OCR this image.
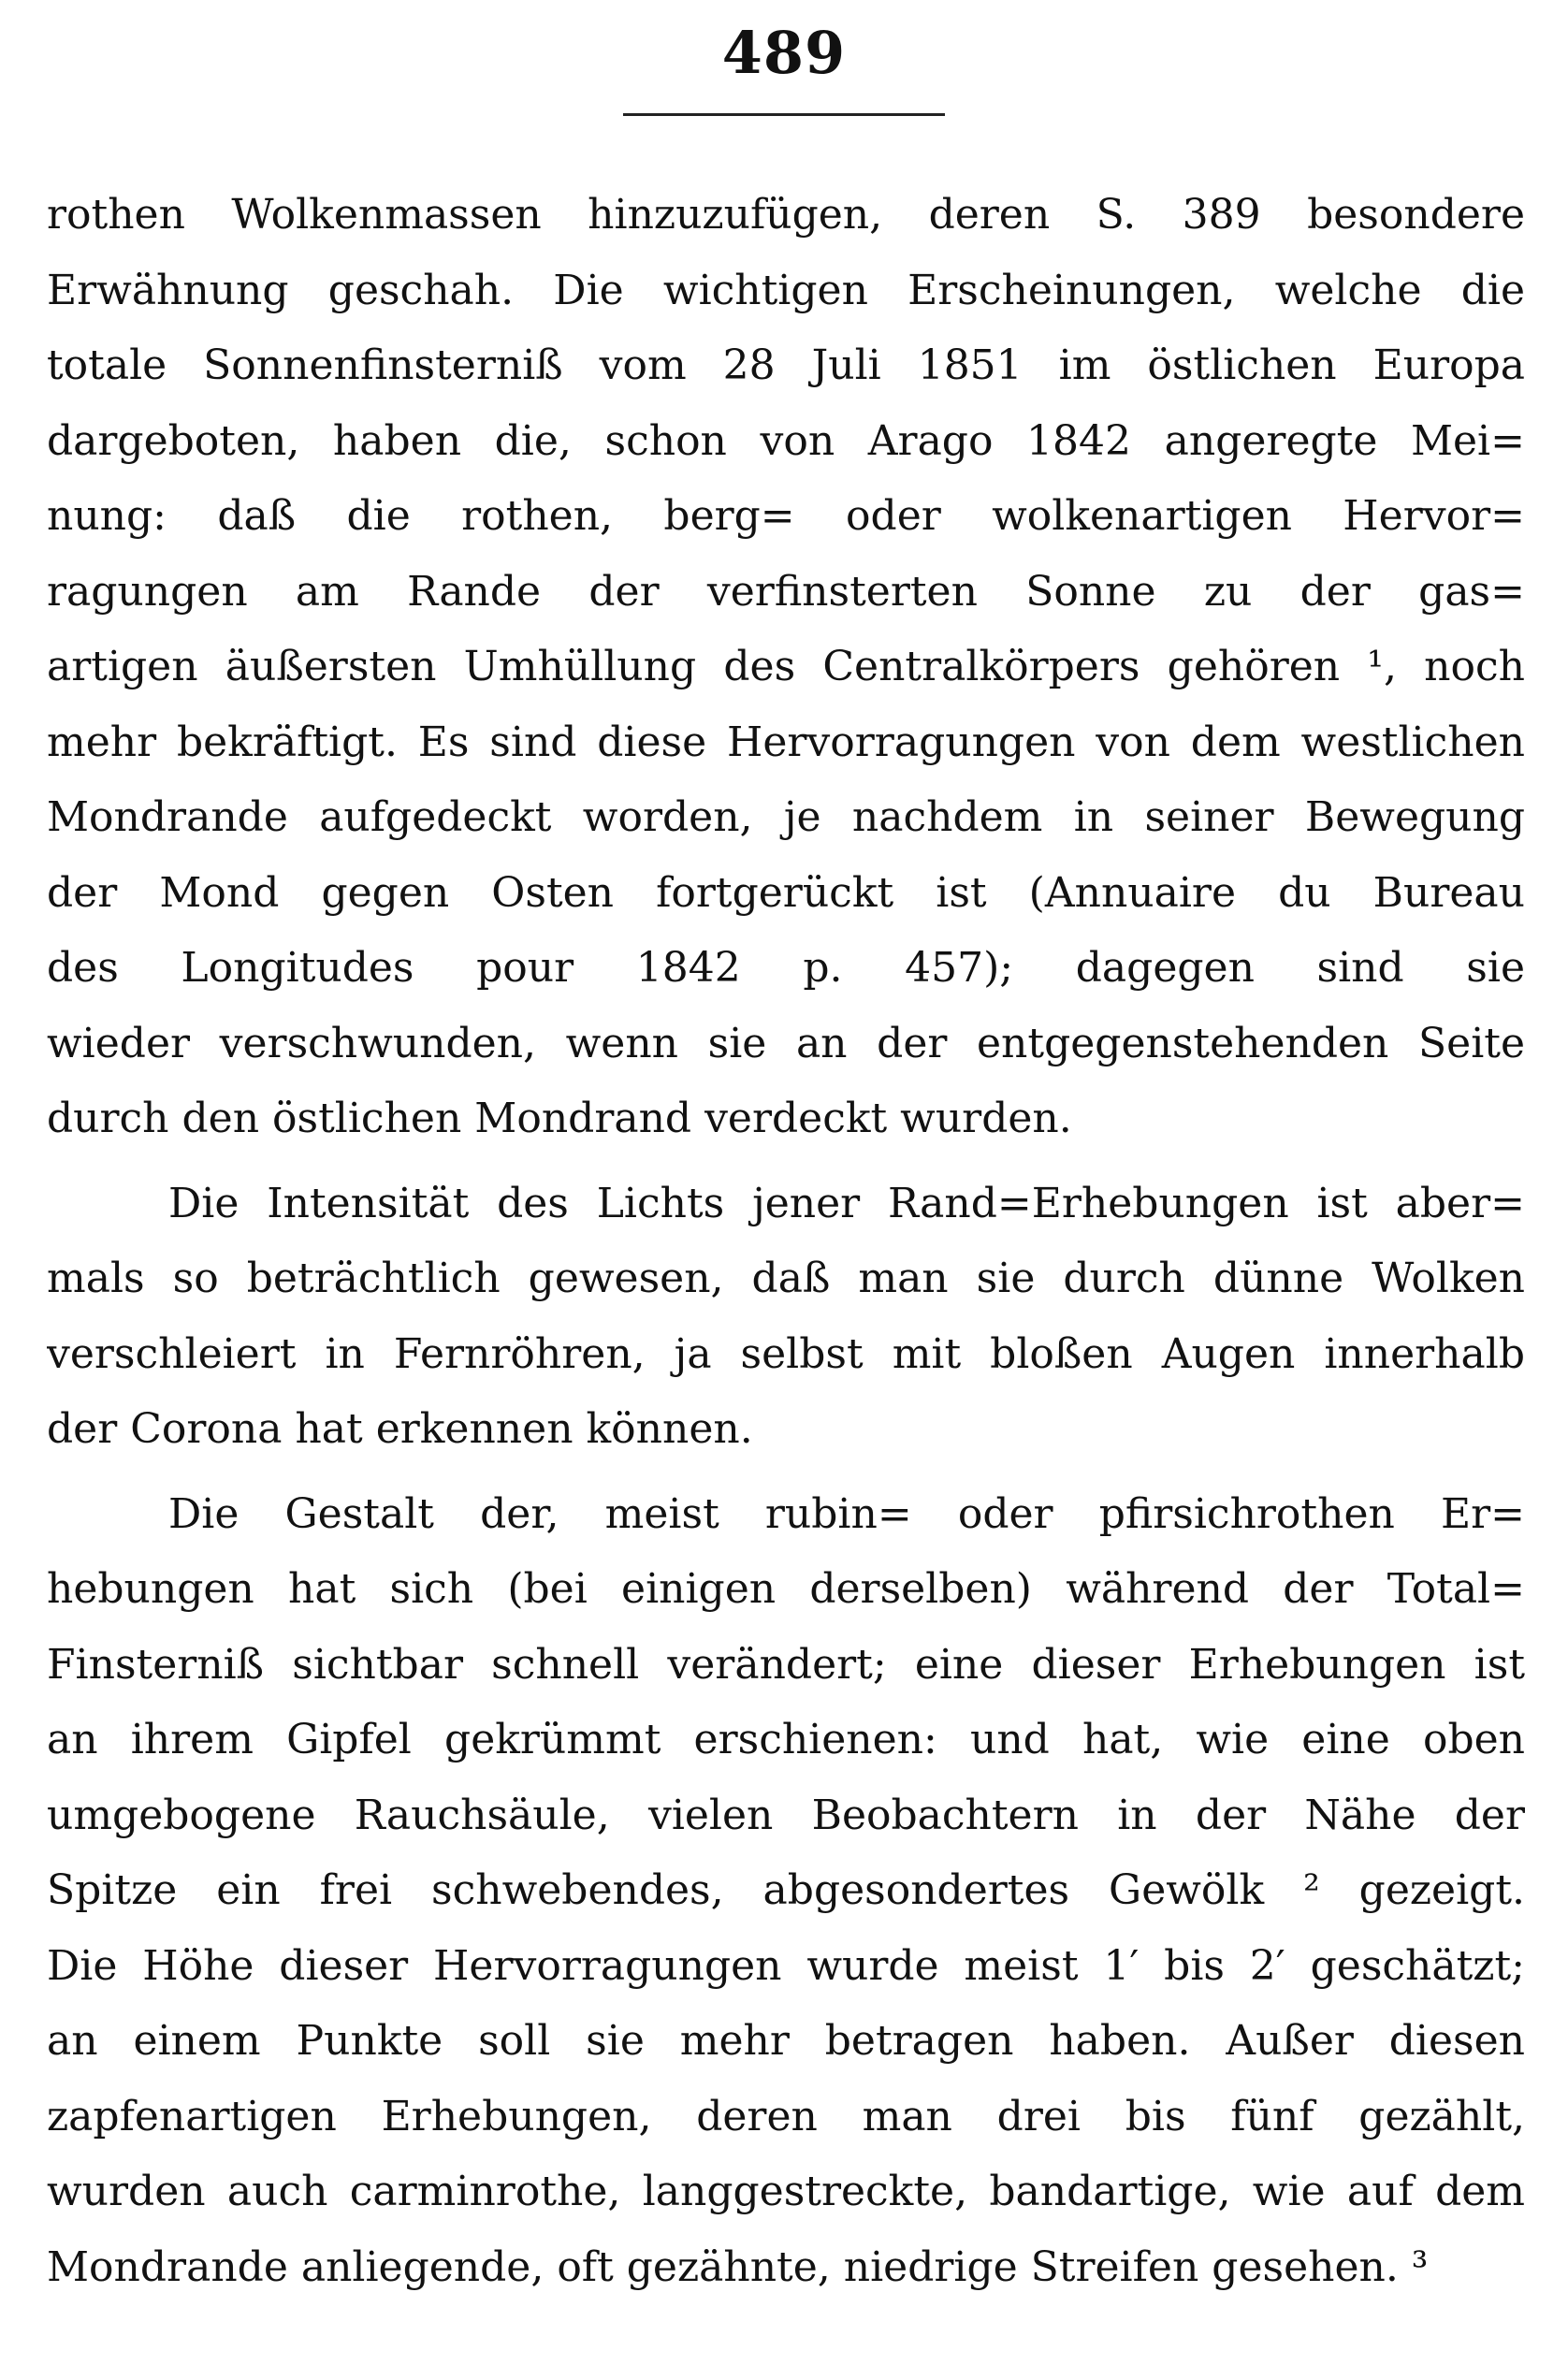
489
rothen Wolkenmassen hinzuzufügen, deren S. 389 besondere
Erwähnung geschah. Die wichtigen Erscheinungen, welche die
totale Sonnenfinsterniß vom 28 Juli 1851 im östlichen Europa
dargeboten, haben die, schon von Arago 1842 angeregte Mei=
nung: daß die rothen, berg= oder wolkenartigen Hervor=
ragungen am Rande der verfinsterten Sonne zu der gas=
artigen äußersten Umhüllung des Centralkörpers gehören ¹, noch
mehr bekräftigt. Es sind diese Hervorragungen von dem westlichen
Mondrande aufgedeckt worden, je nachdem in seiner Bewegung
der Mond gegen Osten fortgerückt ist (Annuaire du Bureau
des Longitudes pour 1842 p. 457); dagegen sind sie
wieder verschwunden, wenn sie an der entgegenstehenden Seite
durch den östlichen Mondrand verdeckt wurden.
Die Intensität des Lichts jener Rand=Erhebungen ist aber=
mals so beträchtlich gewesen, daß man sie durch dünne Wolken
verschleiert in Fernröhren, ja selbst mit bloßen Augen innerhalb
der Corona hat erkennen können.
Die Gestalt der, meist rubin= oder pfirsichrothen Er=
hebungen hat sich (bei einigen derselben) während der Total=
Finsterniß sichtbar schnell verändert; eine dieser Erhebungen ist
an ihrem Gipfel gekrümmt erschienen: und hat, wie eine oben
umgebogene Rauchsäule, vielen Beobachtern in der Nähe der
Spitze ein frei schwebendes, abgesondertes Gewölk ² gezeigt.
Die Höhe dieser Hervorragungen wurde meist 1′ bis 2′ geschätzt;
an einem Punkte soll sie mehr betragen haben. Außer diesen
zapfenartigen Erhebungen, deren man drei bis fünf gezählt,
wurden auch carminrothe, langgestreckte, bandartige, wie auf dem
Mondrande anliegende, oft gezähnte, niedrige Streifen gesehen. ³
